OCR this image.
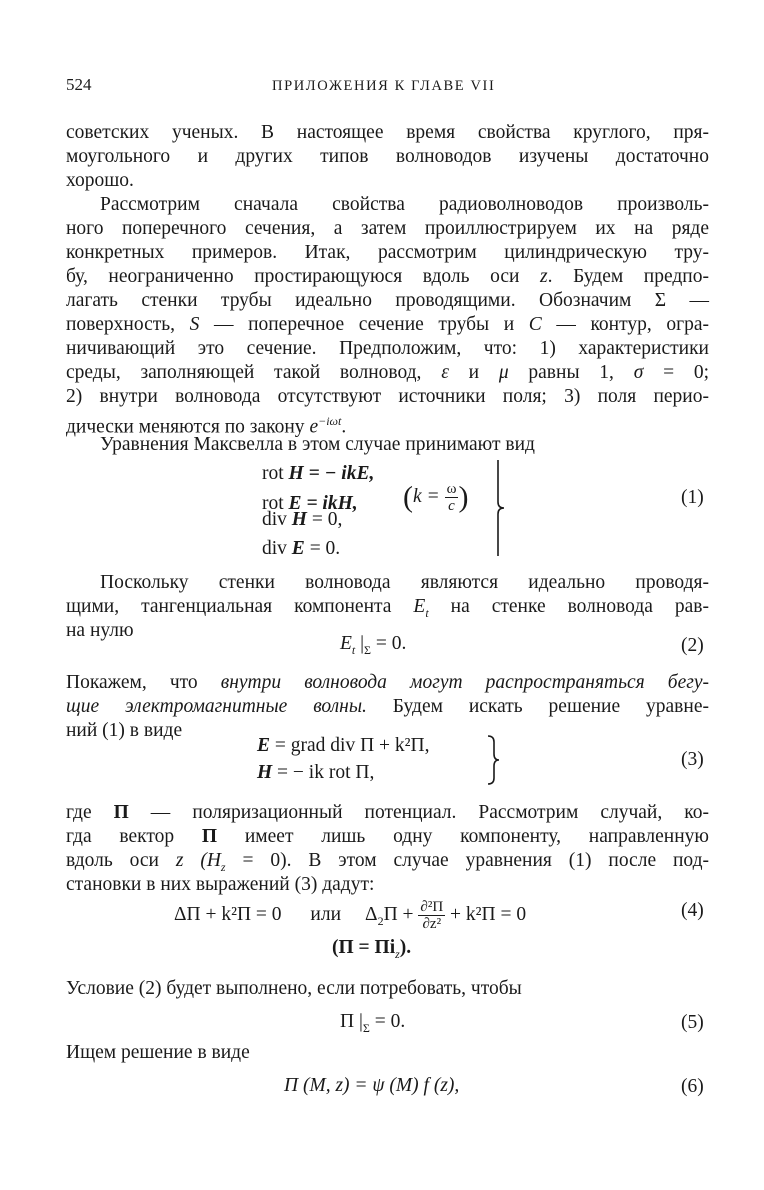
524	ПРИЛОЖЕНИЯ К ГЛАВЕ VII
советских ученых. В настоящее время свойства круглого, пря-
моугольного и других типов волноводов изучены достаточно
хорошо.
Рассмотрим сначала свойства радиоволноводов произволь-
ного поперечного сечения, а затем проиллюстрируем их на ряде
конкретных примеров. Итак, рассмотрим цилиндрическую тру-
бу, неограниченно простирающуюся вдоль оси z. Будем предпо-
лагать стенки трубы идеально проводящими. Обозначим Σ —
поверхность, S — поперечное сечение трубы и C — контур, огра-
ничивающий это сечение. Предположим, что: 1) характеристики
среды, заполняющей такой волновод, ε и μ равны 1, σ = 0;
2) внутри волновода отсутствуют источники поля; 3) поля перио-
дически меняются по закону $e^{-i\omega t}$.
Уравнения Максвелла в этом случае принимают вид
rot H = − ikE,
rot E = ikH,
div H = 0,
div E = 0.
($k = \frac{\omega}{c}$ )	(1)
Поскольку стенки волновода являются идеально проводя-
щими, тангенциальная компонента $E_t$ на стенке волновода рав-
на нулю
$E_t$ $|_\Sigma = 0$.	(2)
Покажем, что внутри волновода могут распространяться бегу-
щие электромагнитные волны. Будем искать решение уравне-
ний (1) в виде
E = grad div Π + k²Π,
H = − ik rot Π,
(3)
где Π — поляризационный потенциал. Рассмотрим случай, ко-
гда вектор Π имеет лишь одну компоненту, направленную
вдоль оси z $(H_z = 0)$. В этом случае уравнения (1) после под-
становки в них выражений (3) дадут:
ΔΠ + k²Π = 0 или $\Delta_2\Pi + \frac{\text{∂²Π}}{\text{∂z²}} + k^2\Pi = 0$	(4)
$(\Pi = \Pi i_z)$.
Условие (2) будет выполнено, если потребовать, чтобы
Π $|_\Sigma = 0$.	(5)
Ищем решение в виде
Π (M, z) = ψ (M) f (z),	(6)
